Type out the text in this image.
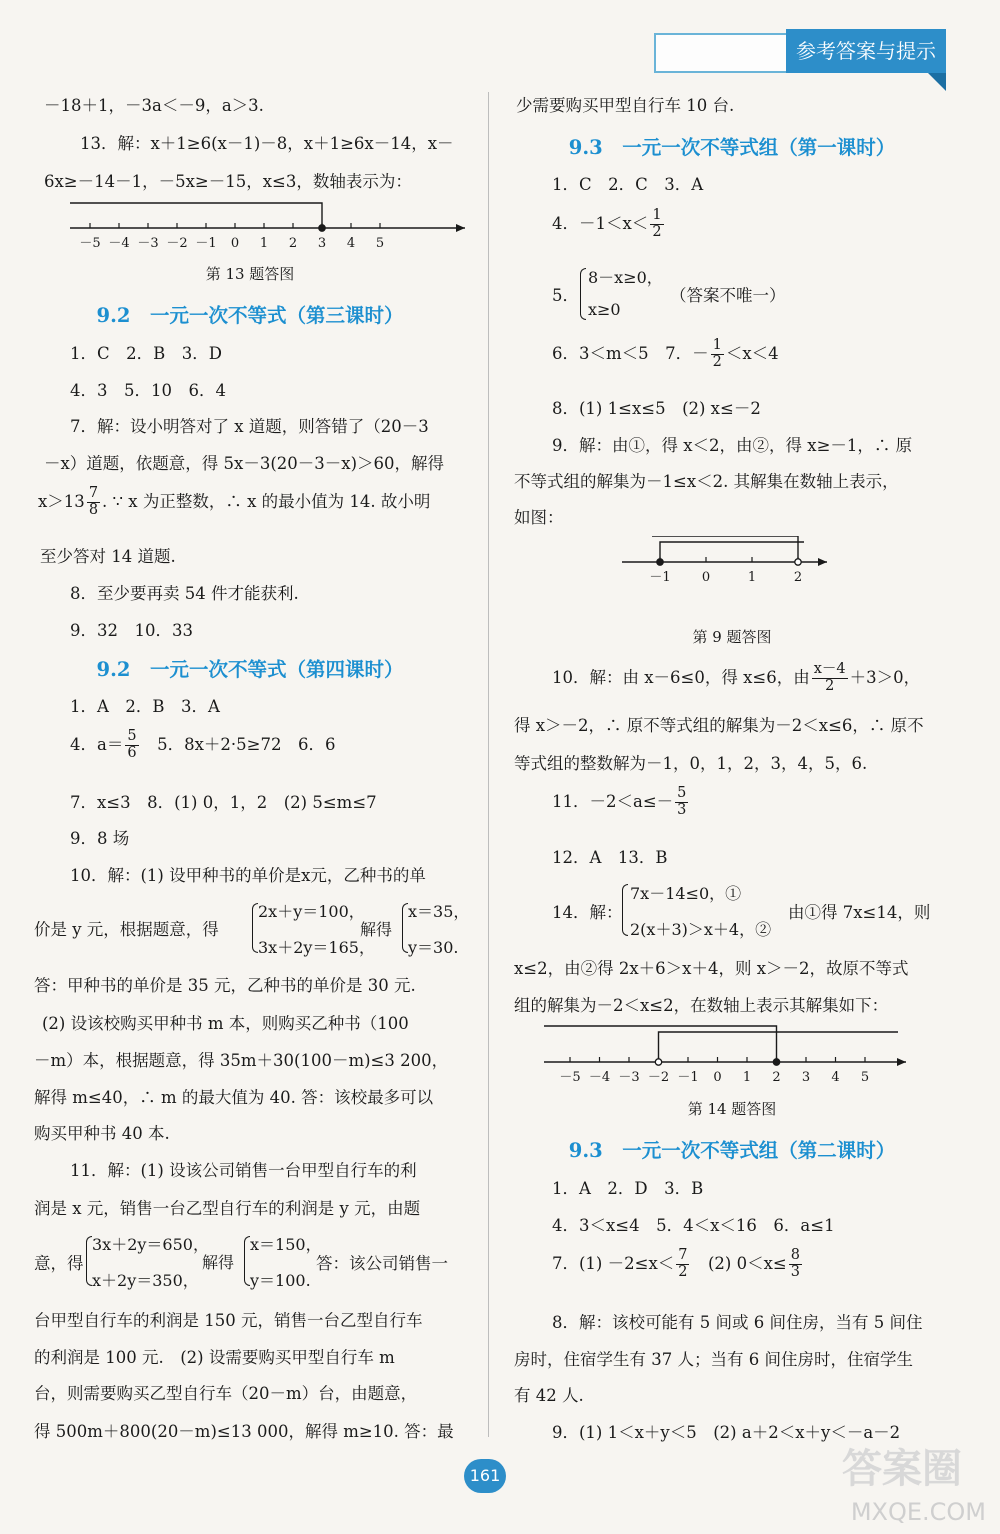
参考答案与提示
－18＋1，－3a＜－9，a＞3.
13．解：x＋1≥6(x－1)－8，x＋1≥6x－14，x－
6x≥－14－1，－5x≥－15，x≤3，数轴表示为：
－5 －4 －3 －2 －1 0 1 2 3 4 5
第 13 题答图
9.2　一元一次不等式（第三课时）
1．C　2．B　3．D
4．3　5．10　6．4
7．解：设小明答对了 x 道题，则答错了（20－3
－x）道题，依题意，得 5x－3(20－3－x)＞60，解得
$x>13 \frac{7}{8}$ . ∵ x 为正整数，∴ x 的最小值为 14. 故小明
至少答对 14 道题.
8．至少要再卖 54 件才能获利.
9．32　10．33
9.2　一元一次不等式（第四课时）
1．A　2．B　3．A
4．$a= \frac{5}{6}$ 　5．8x＋2·5≥72　6．6
7．x≤3　8．(1) 0，1，2　(2) 5≤m≤7
9．8 场
10．解：(1) 设甲种书的单价是x元，乙种书的单
价是 y 元，根据题意，得
2x＋y＝100，
3x＋2y＝165，
解得
x＝35，
y＝30.
答：甲种书的单价是 35 元，乙种书的单价是 30 元.
(2) 设该校购买甲种书 m 本，则购买乙种书（100
－m）本，根据题意，得 35m＋30(100－m)≤3 200，
解得 m≤40，∴ m 的最大值为 40. 答：该校最多可以
购买甲种书 40 本.
11．解：(1) 设该公司销售一台甲型自行车的利
润是 x 元，销售一台乙型自行车的利润是 y 元，由题
意，得
3x＋2y＝650，
x＋2y＝350，
解得
x＝150，
y＝100.
答：该公司销售一
台甲型自行车的利润是 150 元，销售一台乙型自行车
的利润是 100 元.　(2) 设需要购买甲型自行车 m
台，则需要购买乙型自行车（20－m）台，由题意，
得 500m＋800(20－m)≤13 000，解得 m≥10. 答：最
少需要购买甲型自行车 10 台.
9.3　一元一次不等式组（第一课时）
1．C　2．C　3．A
4．$-1<x< \frac{1}{2}$
5．
8－x≥0，
x≥0
（答案不唯一）
6．3＜m＜5　7．－ $\frac{1}{2} <x<4$
8．(1) 1≤x≤5　(2) x≤－2
9．解：由①，得 x＜2，由②，得 x≥－1，∴ 原
不等式组的解集为－1≤x＜2. 其解集在数轴上表示，
如图：
－1 0	1	2
第 9 题答图
10．解：由 x－6≤0，得 x≤6，由 $\frac{x-4}{2} +3>0$，
得 x＞－2，∴ 原不等式组的解集为－2＜x≤6，∴ 原不
等式组的整数解为－1，0，1，2，3，4，5，6.
11．$-2<a\le- \frac{5}{3}$
12．A　13．B
14．解：
7x－14≤0，①
2(x＋3)＞x＋4，②
由①得 7x≤14，则
x≤2，由②得 2x＋6＞x＋4，则 x＞－2，故原不等式
组的解集为－2＜x≤2，在数轴上表示其解集如下：
－5 －4 －3 －2 －1 0 1 2 3 4 5
第 14 题答图
9.3　一元一次不等式组（第二课时）
1．A　2．D　3．B
4．3＜x≤4　5．4＜x＜16　6．a≤1
7．$(1) -2\le x< \frac{7}{2}$ 　(2) $0<x\le \frac{8}{3}$
8．解：该校可能有 5 间或 6 间住房，当有 5 间住
房时，住宿学生有 37 人；当有 6 间住房时，住宿学生
有 42 人.
9．(1) 1＜x＋y＜5　(2) a＋2＜x＋y＜－a－2
161	答案圈
MXQE.COM
